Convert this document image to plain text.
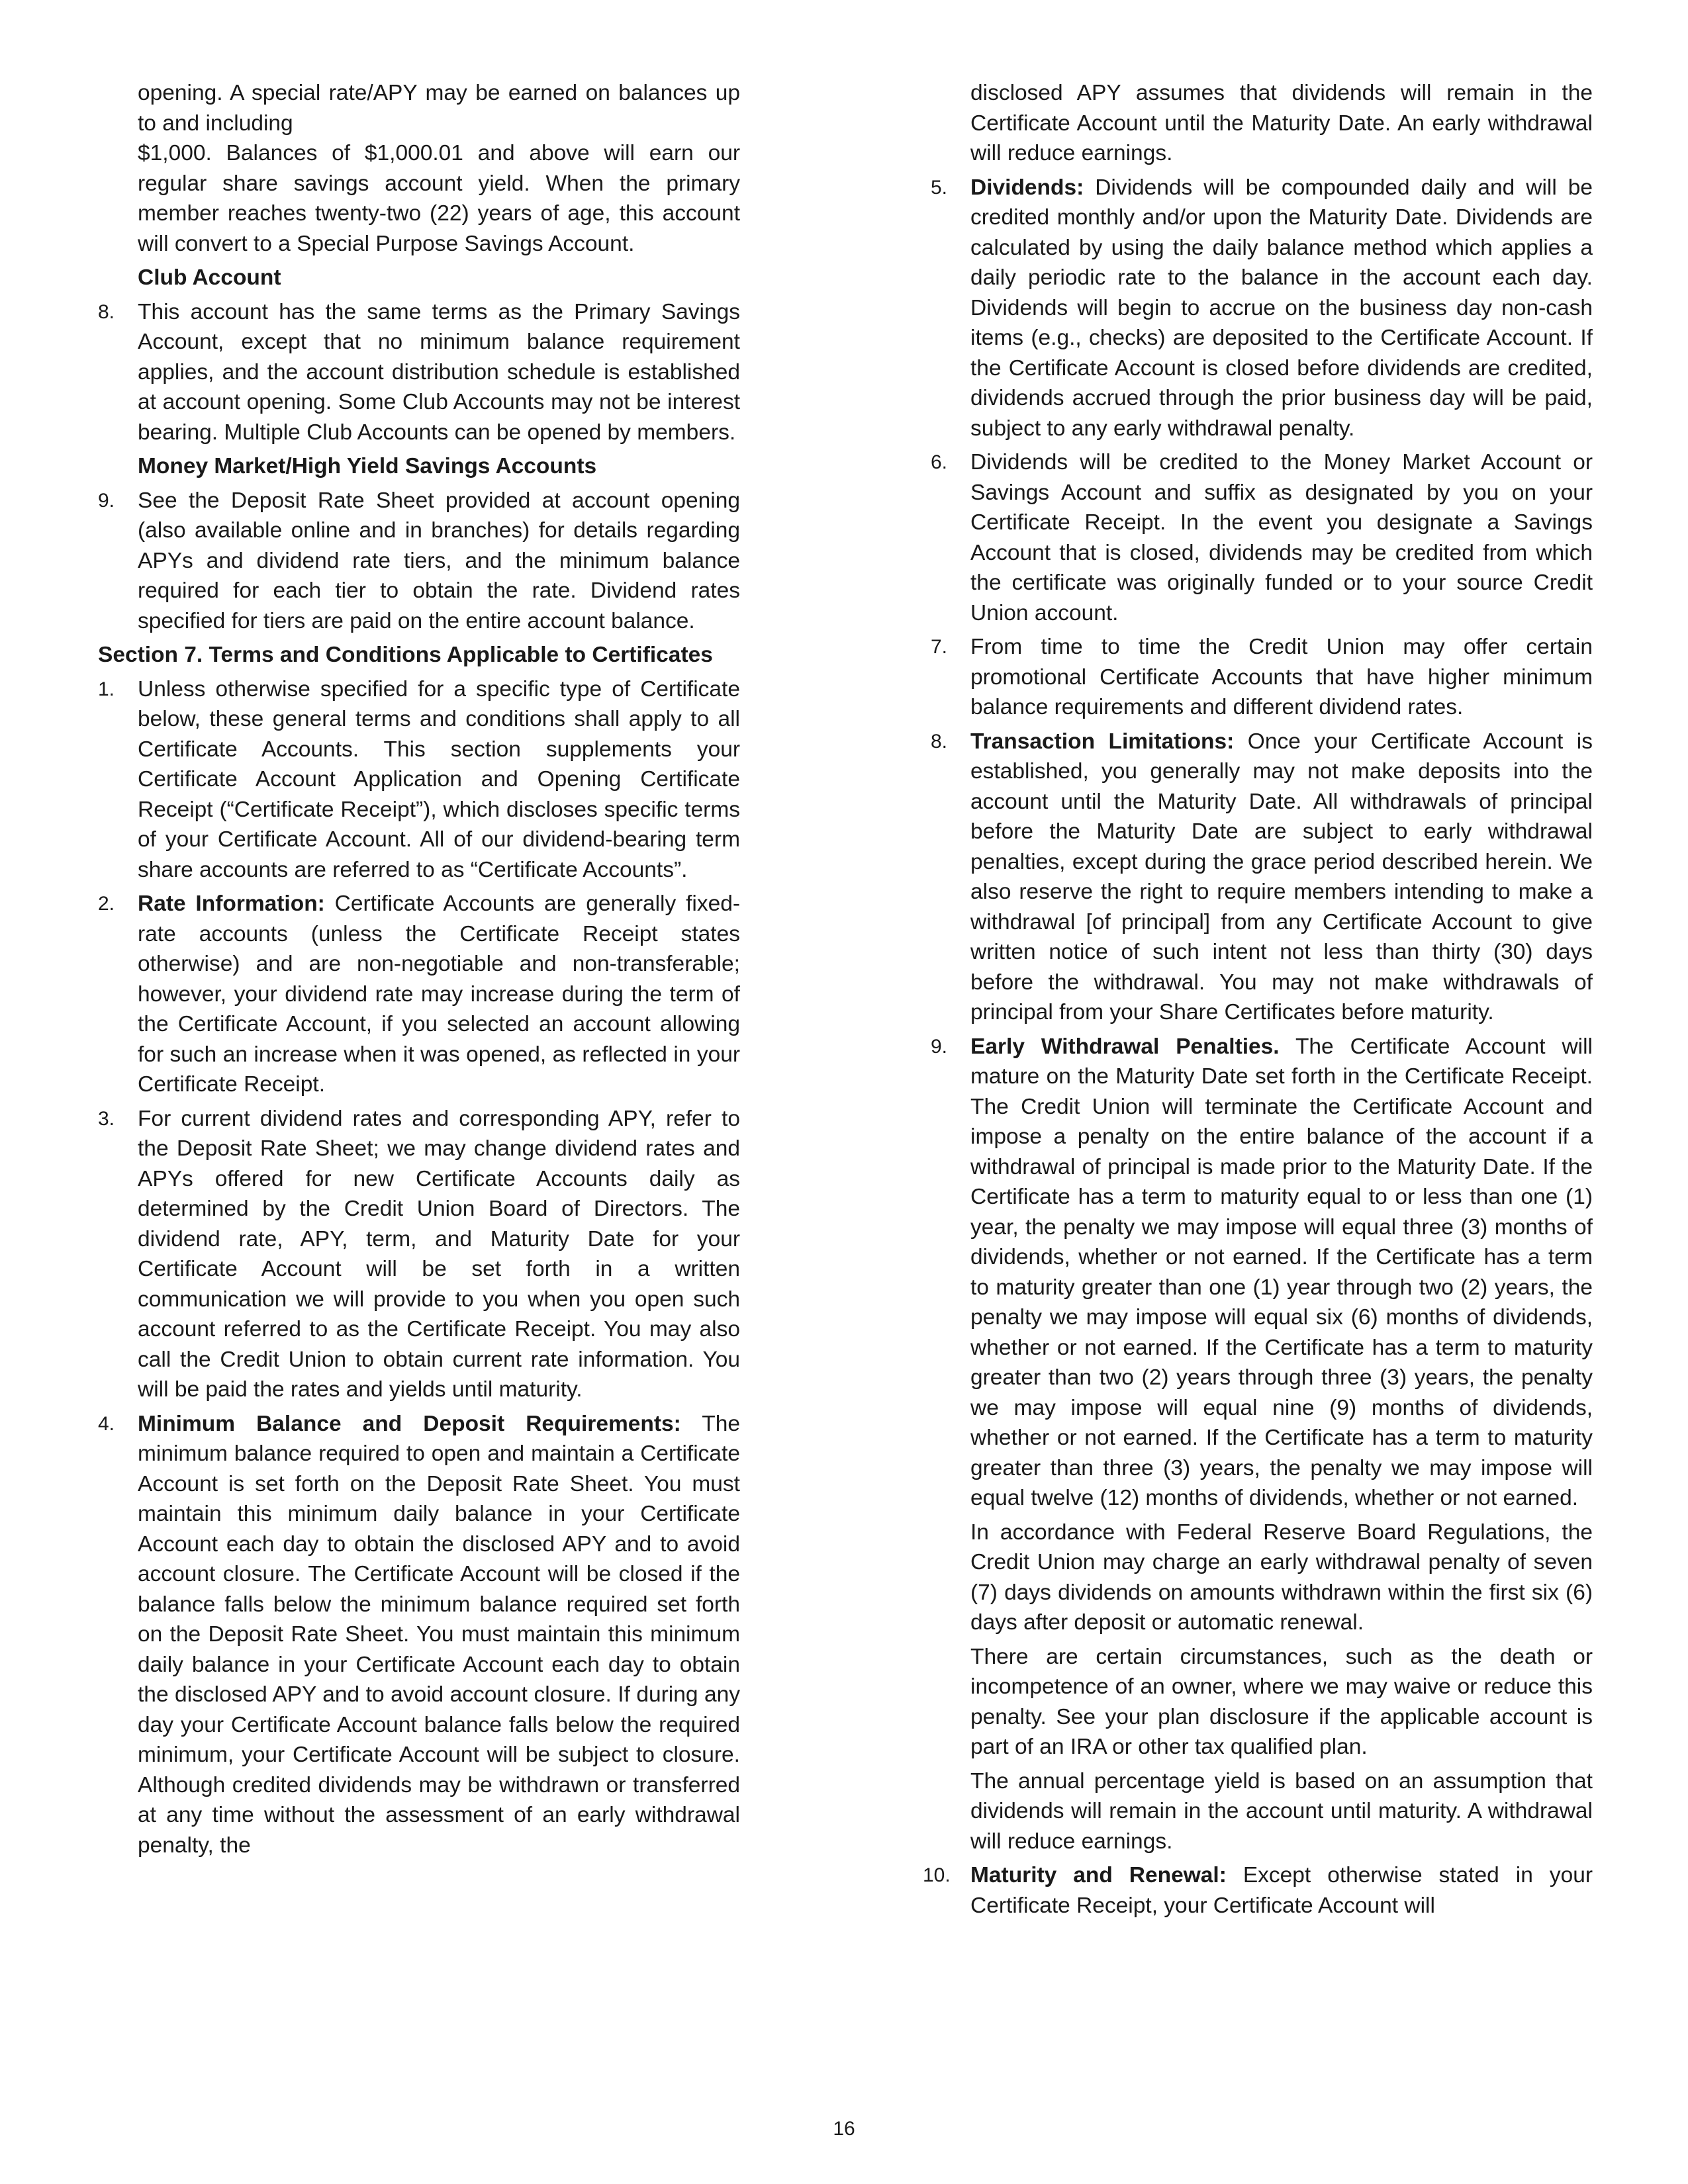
opening. A special rate/APY may be earned on balances up to and including

$1,000. Balances of $1,000.01 and above will earn our regular share savings account yield. When the primary member reaches twenty-two (22) years of age, this account will convert to a Special Purpose Savings Account.

Club Account

8. This account has the same terms as the Primary Savings Account, except that no minimum balance requirement applies, and the account distribution schedule is established at account opening. Some Club Accounts may not be interest bearing. Multiple Club Accounts can be opened by members.

Money Market/High Yield Savings Accounts

9. See the Deposit Rate Sheet provided at account opening (also available online and in branches) for details regarding APYs and dividend rate tiers, and the minimum balance required for each tier to obtain the rate. Dividend rates specified for tiers are paid on the entire account balance.

Section 7. Terms and Conditions Applicable to Certificates

1. Unless otherwise specified for a specific type of Certificate below, these general terms and conditions shall apply to all Certificate Accounts. This section supplements your Certificate Account Application and Opening Certificate Receipt (“Certificate Receipt”), which discloses specific terms of your Certificate Account. All of our dividend-bearing term share accounts are referred to as “Certificate Accounts”.

2. Rate Information: Certificate Accounts are generally fixed-rate accounts (unless the Certificate Receipt states otherwise) and are non-negotiable and non-transferable; however, your dividend rate may increase during the term of the Certificate Account, if you selected an account allowing for such an increase when it was opened, as reflected in your Certificate Receipt.

3. For current dividend rates and corresponding APY, refer to the Deposit Rate Sheet; we may change dividend rates and APYs offered for new Certificate Accounts daily as determined by the Credit Union Board of Directors. The dividend rate, APY, term, and Maturity Date for your Certificate Account will be set forth in a written communication we will provide to you when you open such account referred to as the Certificate Receipt. You may also call the Credit Union to obtain current rate information. You will be paid the rates and yields until maturity.

4. Minimum Balance and Deposit Requirements: The minimum balance required to open and maintain a Certificate Account is set forth on the Deposit Rate Sheet. You must maintain this minimum daily balance in your Certificate Account each day to obtain the disclosed APY and to avoid account closure. The Certificate Account will be closed if the balance falls below the minimum balance required set forth on the Deposit Rate Sheet. You must maintain this minimum daily balance in your Certificate Account each day to obtain the disclosed APY and to avoid account closure. If during any day your Certificate Account balance falls below the required minimum, your Certificate Account will be subject to closure. Although credited dividends may be withdrawn or transferred at any time without the assessment of an early withdrawal penalty, the

disclosed APY assumes that dividends will remain in the Certificate Account until the Maturity Date. An early withdrawal will reduce earnings.

5. Dividends: Dividends will be compounded daily and will be credited monthly and/or upon the Maturity Date. Dividends are calculated by using the daily balance method which applies a daily periodic rate to the balance in the account each day. Dividends will begin to accrue on the business day non-cash items (e.g., checks) are deposited to the Certificate Account. If the Certificate Account is closed before dividends are credited, dividends accrued through the prior business day will be paid, subject to any early withdrawal penalty.

6. Dividends will be credited to the Money Market Account or Savings Account and suffix as designated by you on your Certificate Receipt. In the event you designate a Savings Account that is closed, dividends may be credited from which the certificate was originally funded or to your source Credit Union account.

7. From time to time the Credit Union may offer certain promotional Certificate Accounts that have higher minimum balance requirements and different dividend rates.

8. Transaction Limitations: Once your Certificate Account is established, you generally may not make deposits into the account until the Maturity Date. All withdrawals of principal before the Maturity Date are subject to early withdrawal penalties, except during the grace period described herein. We also reserve the right to require members intending to make a withdrawal [of principal] from any Certificate Account to give written notice of such intent not less than thirty (30) days before the withdrawal. You may not make withdrawals of principal from your Share Certificates before maturity.

9. Early Withdrawal Penalties. The Certificate Account will mature on the Maturity Date set forth in the Certificate Receipt. The Credit Union will terminate the Certificate Account and impose a penalty on the entire balance of the account if a withdrawal of principal is made prior to the Maturity Date. If the Certificate has a term to maturity equal to or less than one (1) year, the penalty we may impose will equal three (3) months of dividends, whether or not earned. If the Certificate has a term to maturity greater than one (1) year through two (2) years, the penalty we may impose will equal six (6) months of dividends, whether or not earned. If the Certificate has a term to maturity greater than two (2) years through three (3) years, the penalty we may impose will equal nine (9) months of dividends, whether or not earned. If the Certificate has a term to maturity greater than three (3) years, the penalty we may impose will equal twelve (12) months of dividends, whether or not earned.

In accordance with Federal Reserve Board Regulations, the Credit Union may charge an early withdrawal penalty of seven (7) days dividends on amounts withdrawn within the first six (6) days after deposit or automatic renewal.

There are certain circumstances, such as the death or incompetence of an owner, where we may waive or reduce this penalty. See your plan disclosure if the applicable account is part of an IRA or other tax qualified plan.

The annual percentage yield is based on an assumption that dividends will remain in the account until maturity. A withdrawal will reduce earnings.

10. Maturity and Renewal: Except otherwise stated in your Certificate Receipt, your Certificate Account will

16
